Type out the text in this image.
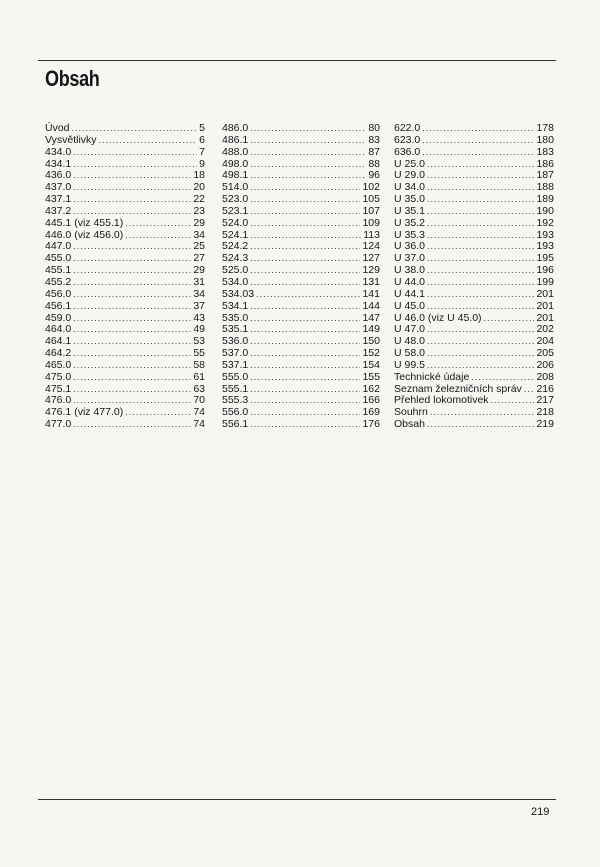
Obsah
Úvod .....	5
Vysvětlivky .....	6
434.0 .....	7
434.1 .....	9
436.0 .....	18
437.0 .....	20
437.1 .....	22
437.2 .....	23
445.1 (viz 455.1) .....	29
446.0 (viz 456.0) .....	34
447.0 .....	25
455.0 .....	27
455.1 .....	29
455.2 .....	31
456.0 .....	34
456.1 .....	37
459.0 .....	43
464.0 .....	49
464.1 .....	53
464.2 .....	55
465.0 .....	58
475.0 .....	61
475.1 .....	63
476.0 .....	70
476.1 (viz 477.0) .....	74
477.0 .....	74
486.0 .....	80
486.1 .....	83
488.0 .....	87
498.0 .....	88
498.1 .....	96
514.0 .....	102
523.0 .....	105
523.1 .....	107
524.0 .....	109
524.1 .....	113
524.2 .....	124
524.3 .....	127
525.0 .....	129
534.0 .....	131
534.03 .....	141
534.1 .....	144
535.0 .....	147
535.1 .....	149
536.0 .....	150
537.0 .....	152
537.1 .....	154
555.0 .....	155
555.1 .....	162
555.3 .....	166
556.0 .....	169
556.1 .....	176
622.0 .....	178
623.0 .....	180
636.0 .....	183
U 25.0 .....	186
U 29.0 .....	187
U 34.0 .....	188
U 35.0 .....	189
U 35.1 .....	190
U 35.2 .....	192
U 35.3 .....	193
U 36.0 .....	193
U 37.0 .....	195
U 38.0 .....	196
U 44.0 .....	199
U 44.1 .....	201
U 45.0 .....	201
U 46.0 (viz U 45.0) .....	201
U 47.0 .....	202
U 48.0 .....	204
U 58.0 .....	205
U 99.5 .....	206
Technické údaje .....	208
Seznam železničních správ ..... 216
Přehled lokomotivek .....	217
Souhrn .....	218
Obsah .....	219
219
